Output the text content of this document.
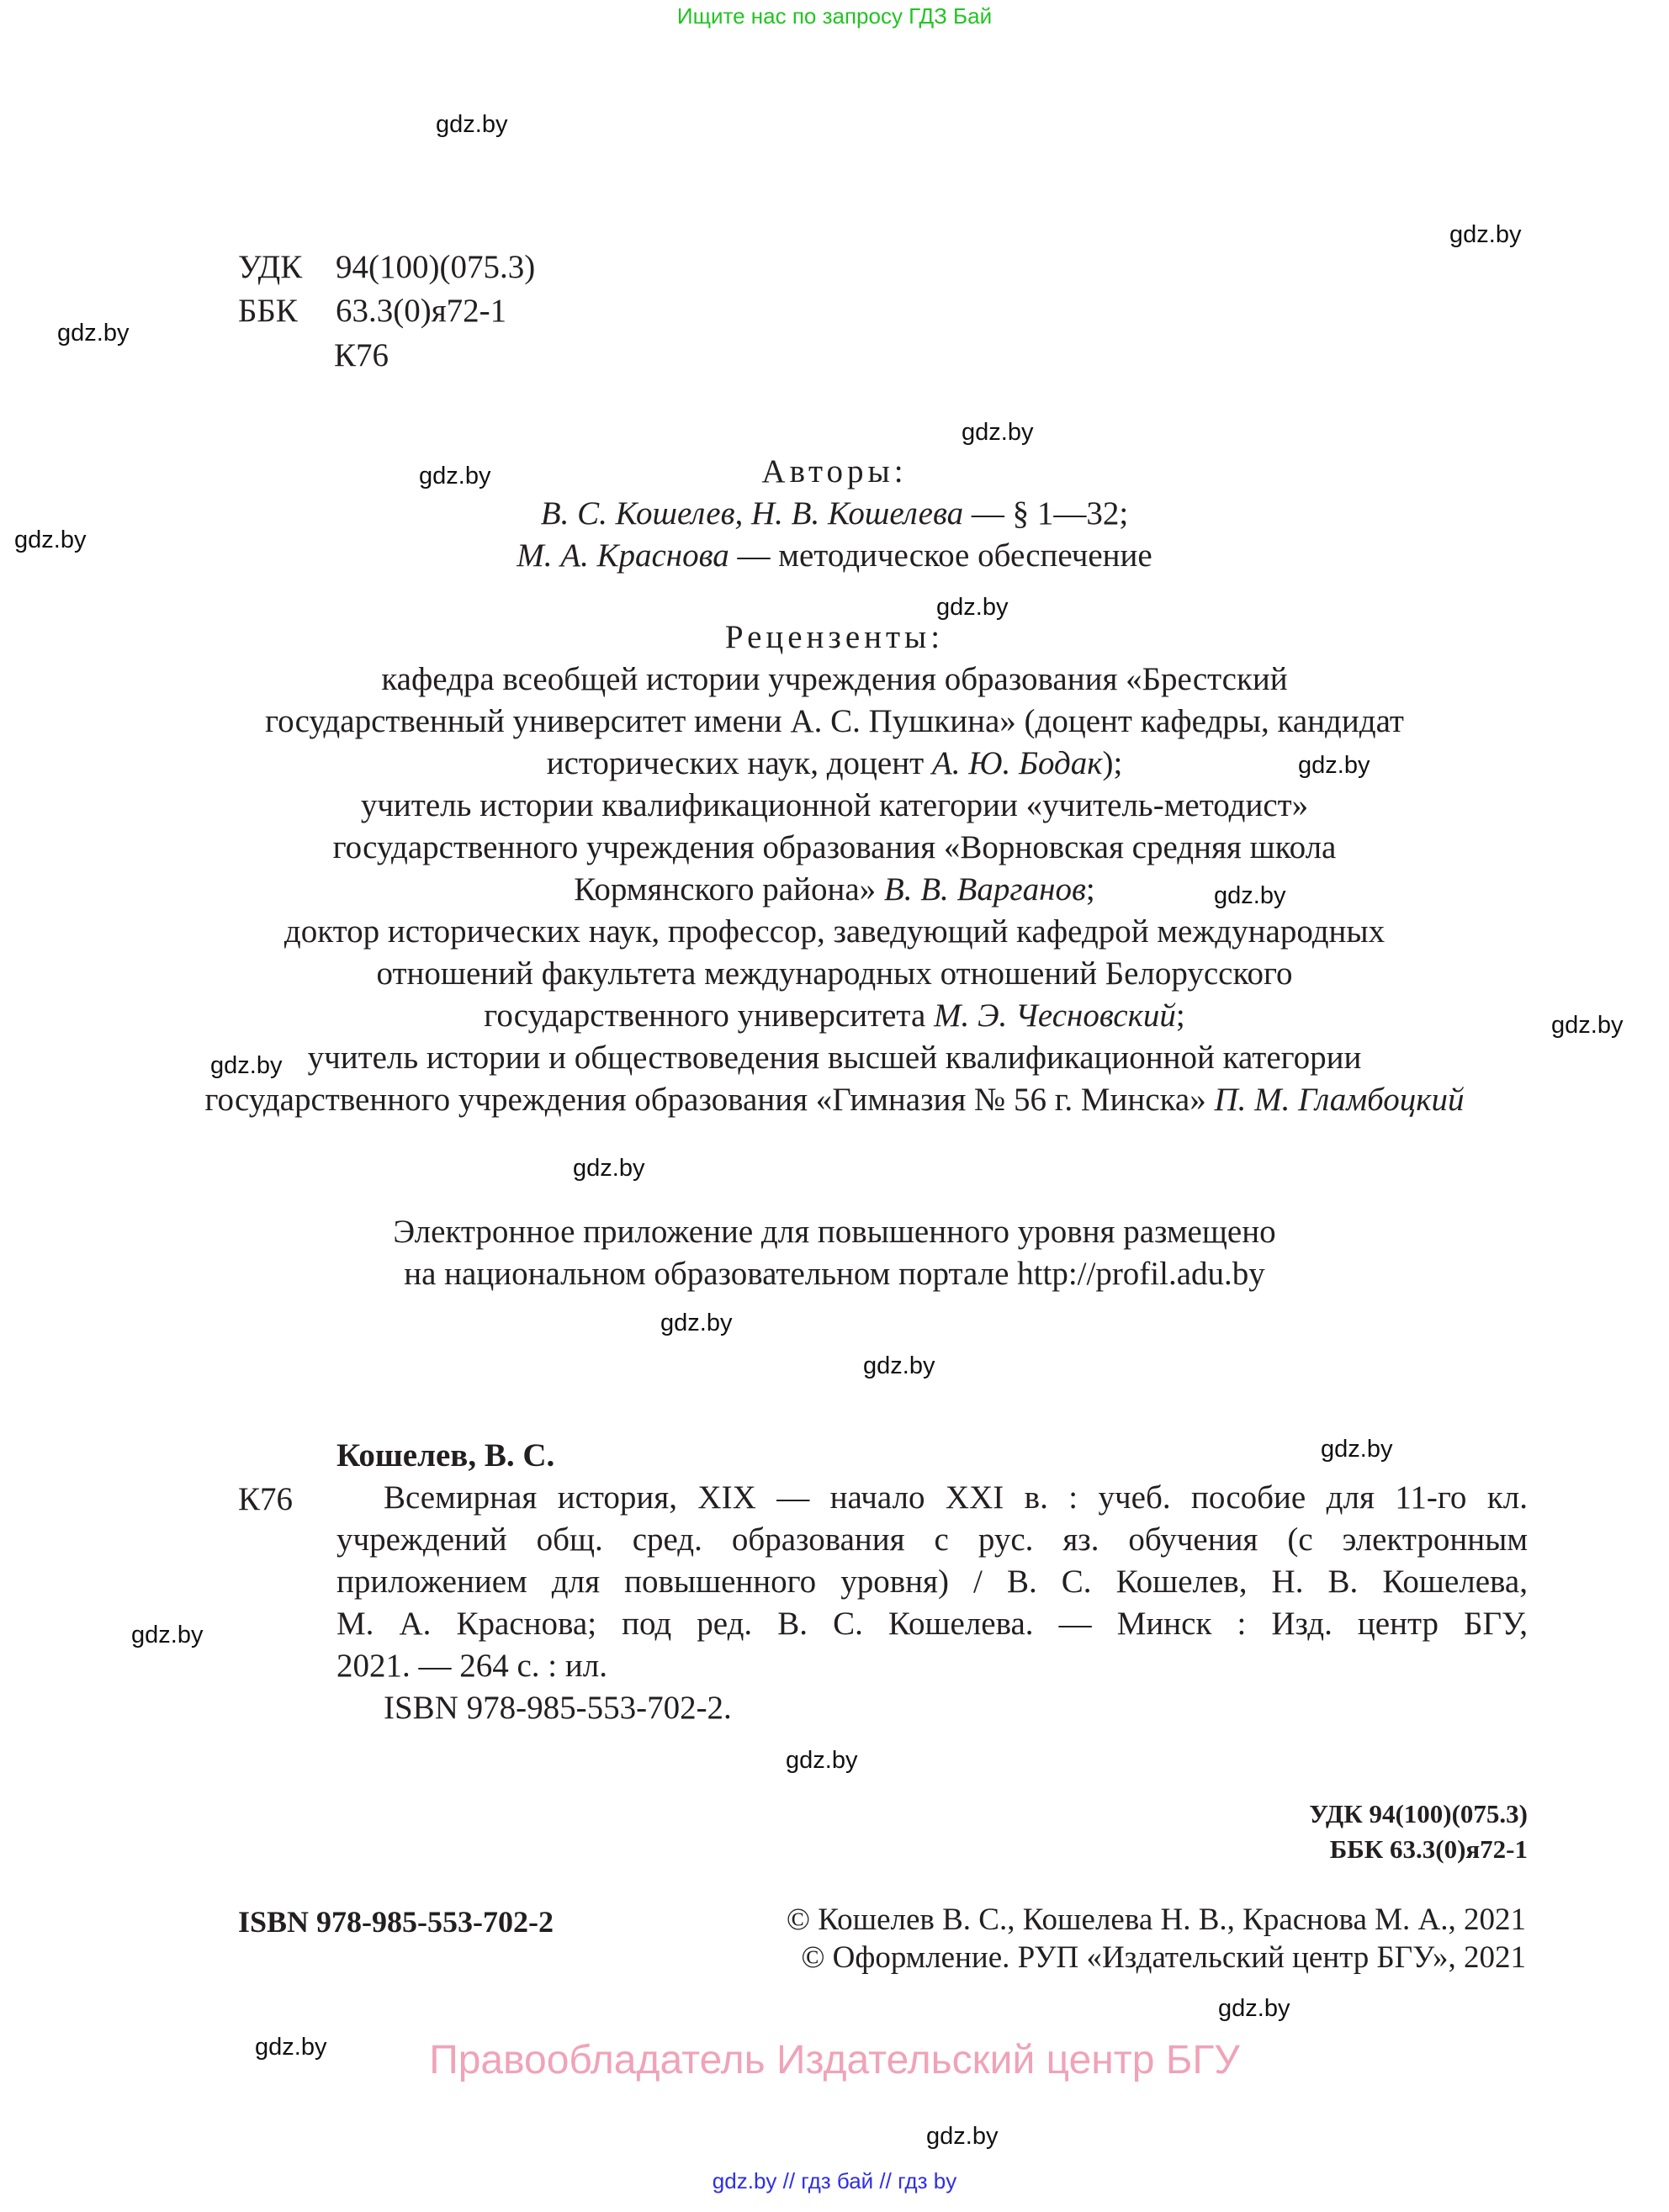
Ищите нас по запросу ГДЗ Бай
gdz.by
gdz.by
gdz.by
gdz.by
gdz.by
gdz.by
gdz.by
gdz.by
gdz.by
gdz.by
gdz.by
gdz.by
gdz.by
gdz.by
gdz.by
gdz.by
gdz.by
gdz.by
gdz.by
gdz.by
УДК 94(100)(075.3)
ББК 63.3(0)я72-1
К76
Авторы:
В. С. Кошелев, Н. В. Кошелева — § 1—32;
М. А. Краснова — методическое обеспечение
Рецензенты:
кафедра всеобщей истории учреждения образования «Брестский
государственный университет имени А. С. Пушкина» (доцент кафедры, кандидат
исторических наук, доцент А. Ю. Бодак);
учитель истории квалификационной категории «учитель-методист»
государственного учреждения образования «Ворновская средняя школа
Кормянского района» В. В. Варганов;
доктор исторических наук, профессор, заведующий кафедрой международных
отношений факультета международных отношений Белорусского
государственного университета М. Э. Чесновский;
учитель истории и обществоведения высшей квалификационной категории
государственного учреждения образования «Гимназия № 56 г. Минска» П. М. Гламбоцкий
Электронное приложение для повышенного уровня размещено
на национальном образовательном портале http://profil.adu.by
Кошелев, В. С.
К76	Всемирная история, XIX — начало XXI в. : учеб. пособие для 11-го кл.
учреждений общ. сред. образования с рус. яз. обучения (с электронным
приложением для повышенного уровня) / В. С. Кошелев, Н. В. Кошелева,
М. А. Краснова; под ред. В. С. Кошелева. — Минск : Изд. центр БГУ,
2021. — 264 с. : ил.
ISBN 978-985-553-702-2.
УДК 94(100)(075.3)
ББК 63.3(0)я72-1
ISBN 978-985-553-702-2	© Кошелев В. С., Кошелева Н. В., Краснова М. А., 2021
© Оформление. РУП «Издательский центр БГУ», 2021
Правообладатель Издательский центр БГУ
gdz.by // гдз бай // гдз by
